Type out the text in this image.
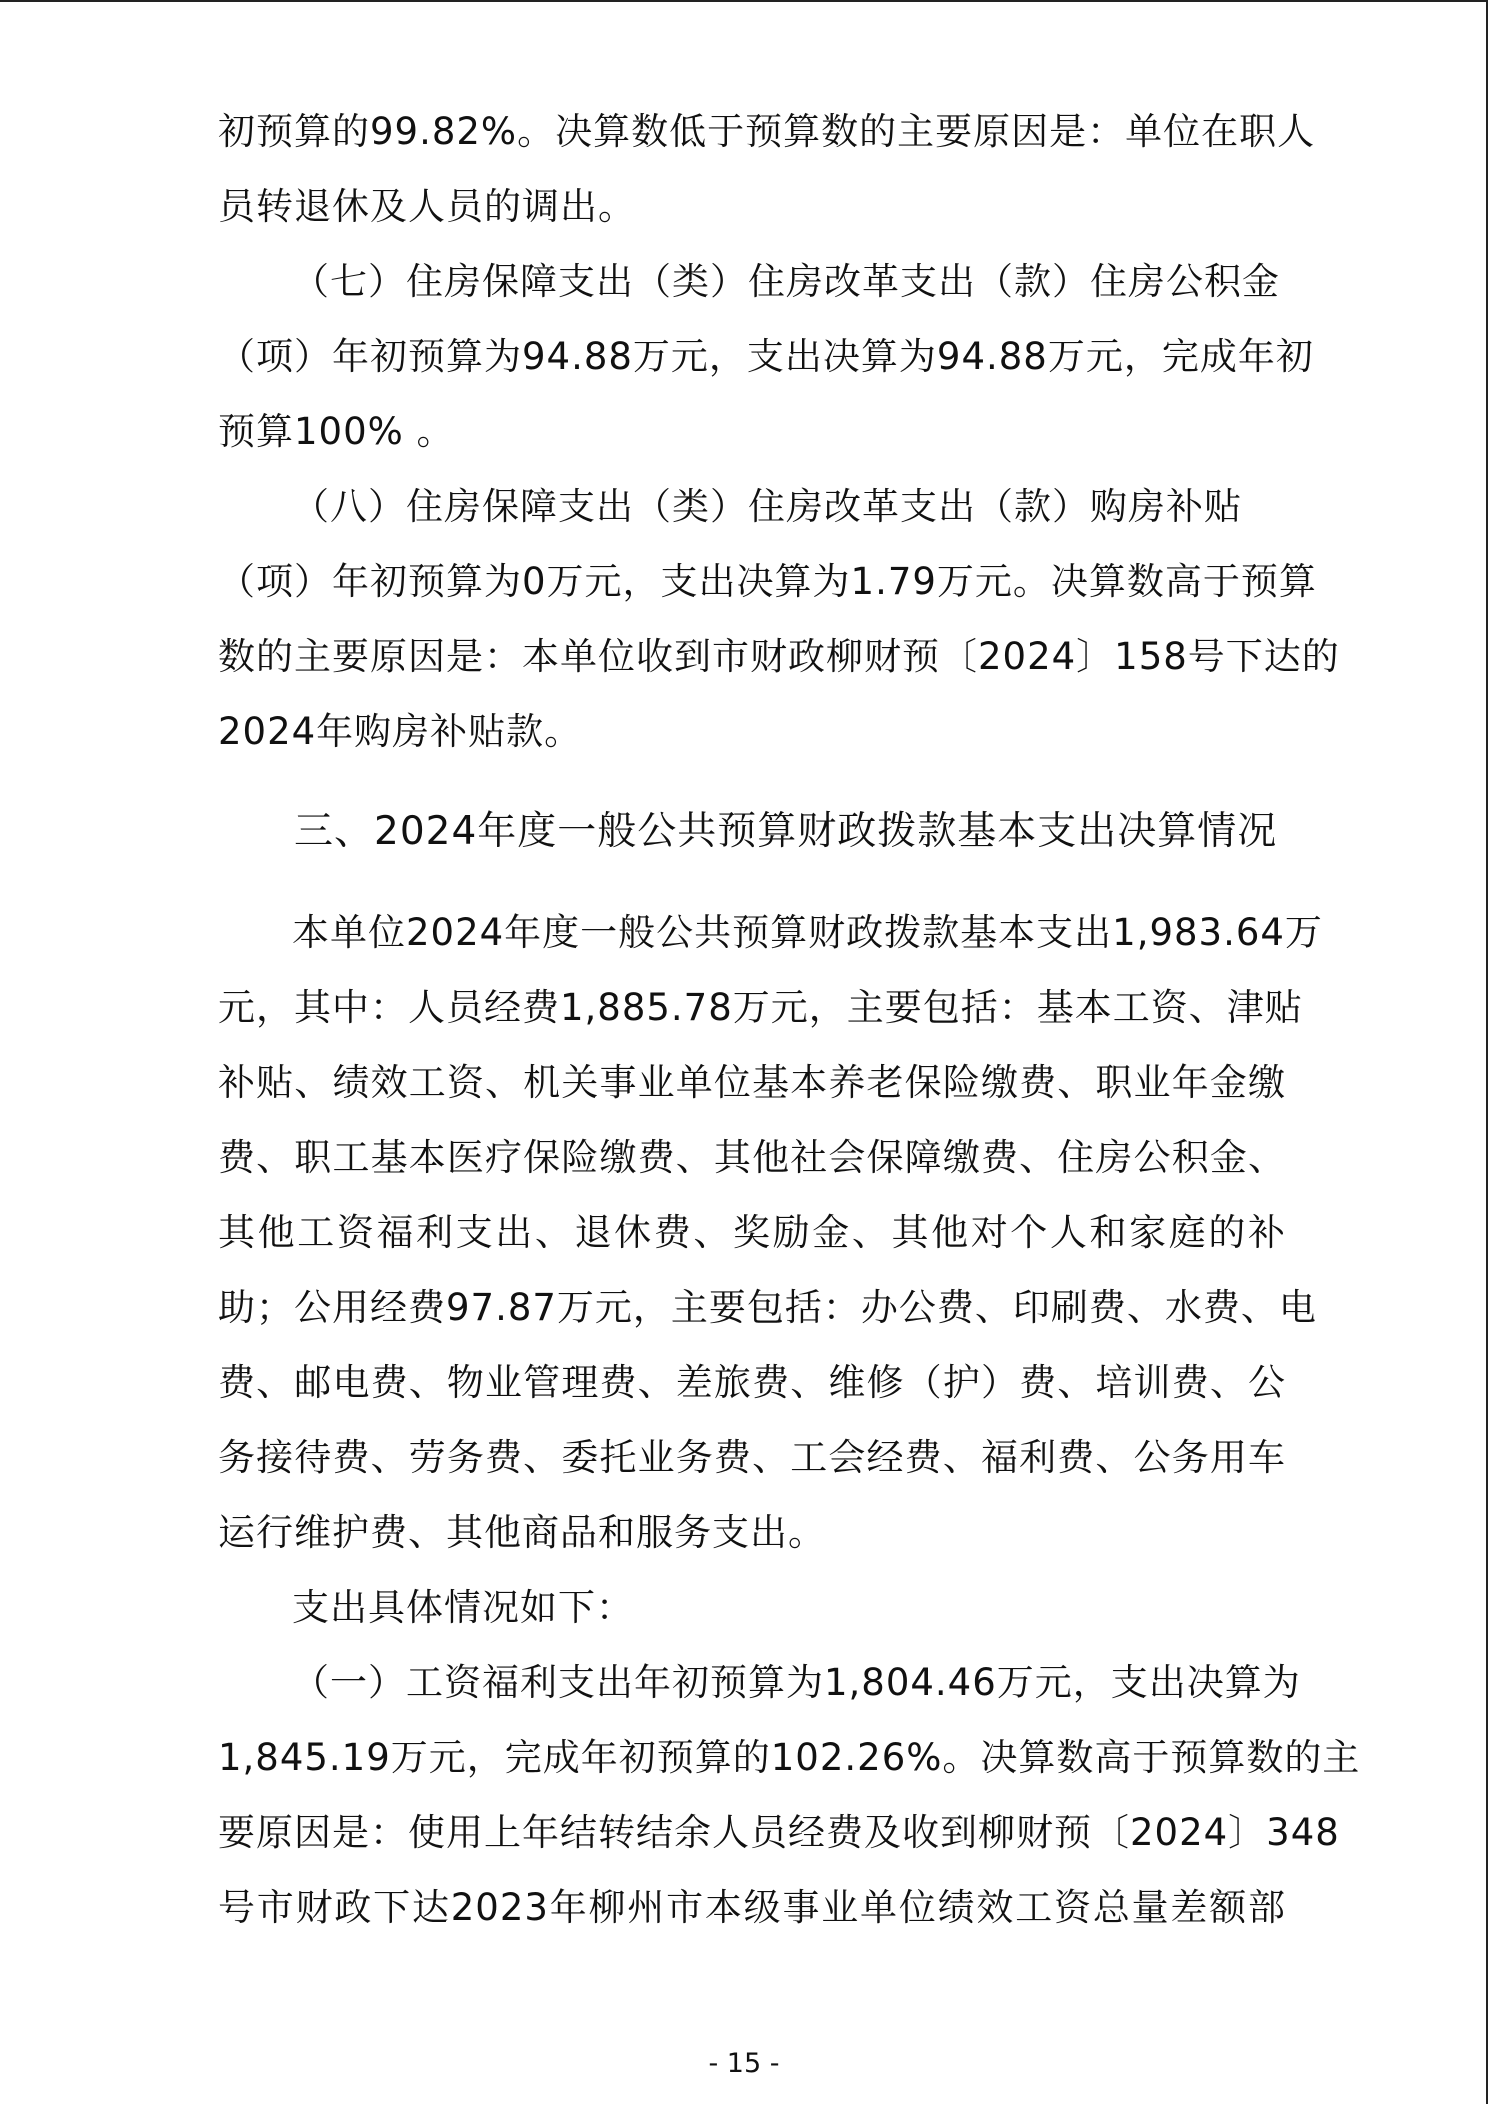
初预算的99.82%。决算数低于预算数的主要原因是：单位在职人
员转退休及人员的调出。
（七）住房保障支出（类）住房改革支出（款）住房公积金
（项）年初预算为94.88万元，支出决算为94.88万元，完成年初
预算100% 。
（八）住房保障支出（类）住房改革支出（款）购房补贴
（项）年初预算为0万元，支出决算为1.79万元。决算数高于预算
数的主要原因是：本单位收到市财政柳财预〔2024〕158号下达的
2024年购房补贴款。
三、2024年度一般公共预算财政拨款基本支出决算情况
本单位2024年度一般公共预算财政拨款基本支出1,983.64万
元，其中：人员经费1,885.78万元，主要包括：基本工资、津贴
补贴、绩效工资、机关事业单位基本养老保险缴费、职业年金缴
费、职工基本医疗保险缴费、其他社会保障缴费、住房公积金、
其他工资福利支出、退休费、奖励金、其他对个人和家庭的补
助；公用经费97.87万元，主要包括：办公费、印刷费、水费、电
费、邮电费、物业管理费、差旅费、维修（护）费、培训费、公
务接待费、劳务费、委托业务费、工会经费、福利费、公务用车
运行维护费、其他商品和服务支出。
支出具体情况如下：
（一）工资福利支出年初预算为1,804.46万元，支出决算为
1,845.19万元，完成年初预算的102.26%。决算数高于预算数的主
要原因是：使用上年结转结余人员经费及收到柳财预〔2024〕348
号市财政下达2023年柳州市本级事业单位绩效工资总量差额部
- 15 -
